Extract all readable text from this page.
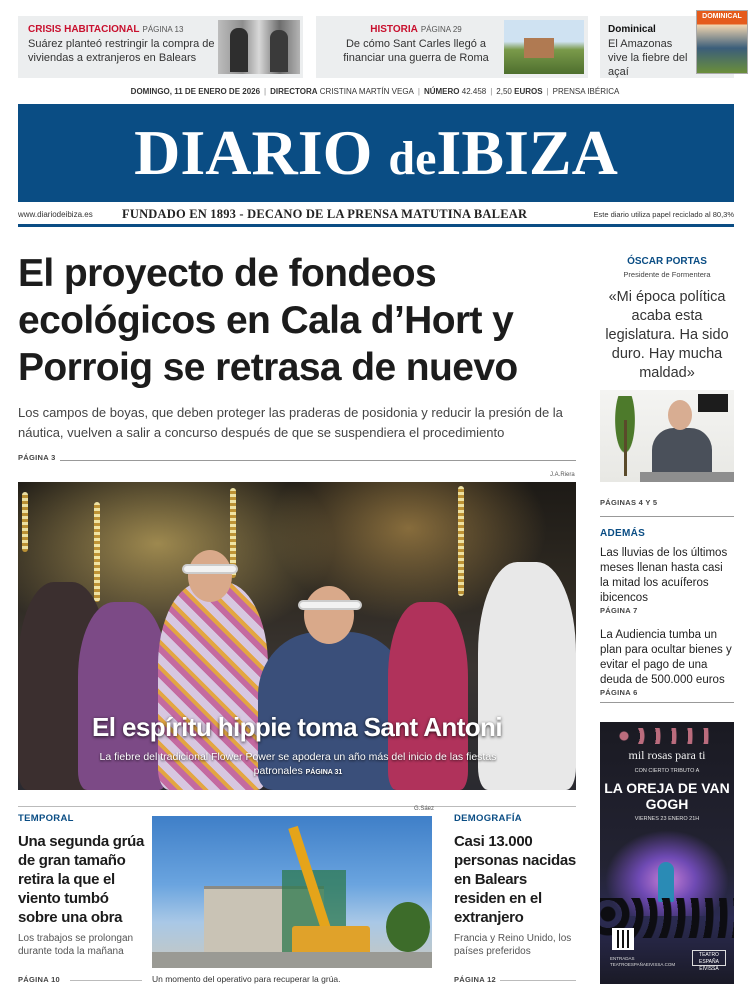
CRISIS HABITACIONAL PÁGINA 13
Suárez planteó restringir la compra de viviendas a extranjeros en Balears
HISTORIA PÁGINA 29
De cómo Sant Carles llegó a financiar una guerra de Roma
Dominical
El Amazonas vive la fiebre del açaí
DOMINICAL
DOMINGO, 11 DE ENERO DE 2026 | DIRECTORA CRISTINA MARTÍN VEGA | NÚMERO 42.458 | 2,50 EUROS | PRENSA IBÉRICA
DIARIO deIBIZA
www.diariodeibiza.es FUNDADO EN 1893 - DECANO DE LA PRENSA MATUTINA BALEAR	Este diario utiliza papel reciclado al 80,3%
El proyecto de fondeos ecológicos en Cala d’Hort y Porroig se retrasa de nuevo
Los campos de boyas, que deben proteger las praderas de posidonia y reducir la presión de la náutica, vuelven a salir a concurso después de que se suspendiera el procedimiento
PÁGINA 3
J.A.Riera
El espíritu hippie toma Sant Antoni
La fiebre del tradicional Flower Power se apodera un año más del inicio de las fiestas patronales PÁGINA 31
ÓSCAR PORTAS
Presidente de Formentera
«Mi época política acaba esta legislatura. Ha sido duro. Hay mucha maldad»
PÁGINAS 4 Y 5
ADEMÁS
Las lluvias de los últimos meses llenan hasta casi la mitad los acuíferos ibicencos
PÁGINA 7
La Audiencia tumba un plan para ocultar bienes y evitar el pago de una deuda de 500.000 euros
PÁGINA 6
mil rosas para ti
CON CIERTO TRIBUTO A
LA OREJA DE VAN GOGH
VIERNES 23 ENERO 21H
ENTRADAS TEATROESPAÑAEIVISSA.COM
TEATRO ESPAÑA EIVISSA
TEMPORAL
Una segunda grúa de gran tamaño retira la que el viento tumbó sobre una obra
Los trabajos se prolongan durante toda la mañana
PÁGINA 10
G.Sáez
Un momento del operativo para recuperar la grúa.
DEMOGRAFÍA
Casi 13.000 personas nacidas en Balears residen en el extranjero
Francia y Reino Unido, los países preferidos
PÁGINA 12
